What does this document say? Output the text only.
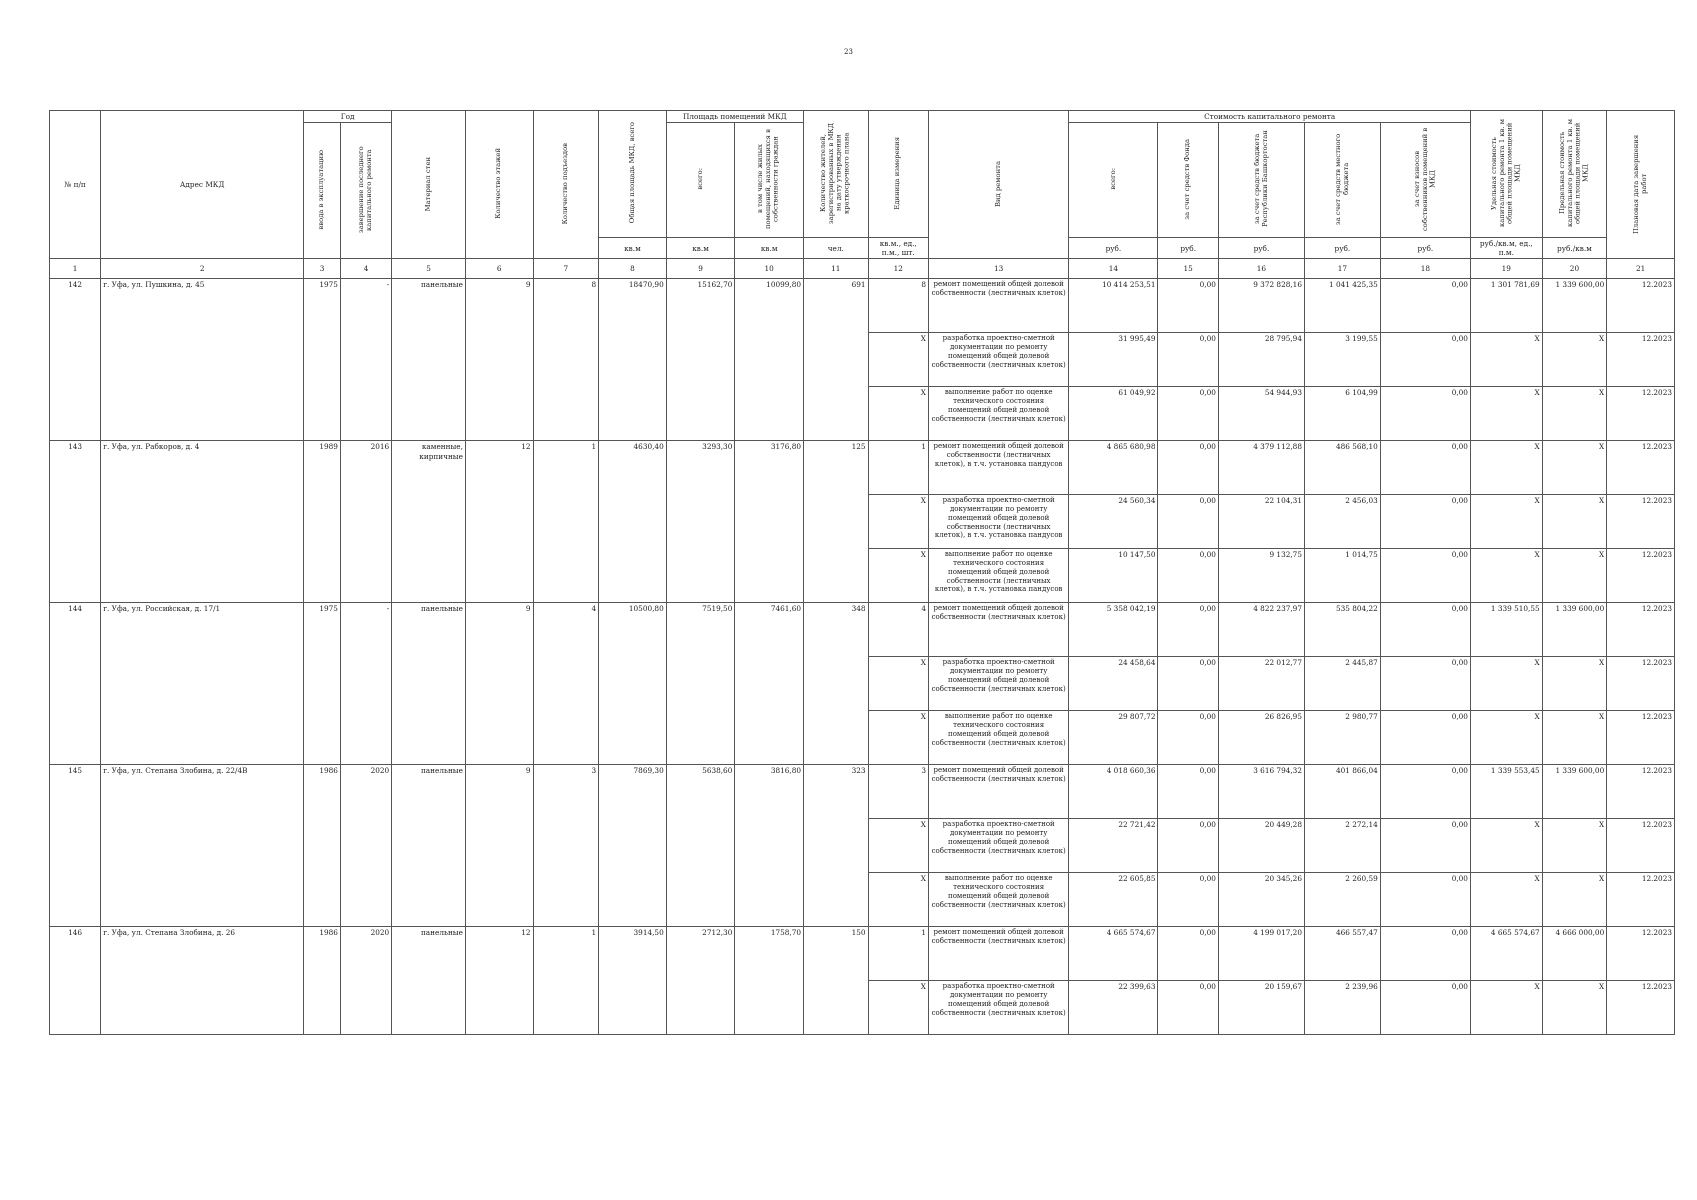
23
№ п/п	Адрес МКД	Год		Материал стен	Количество этажей	Количество подъездов	Общая площадь МКД, всего	Площадь помещений МКД		Количество жителей, зарегистрированных в МКД на дату утверждения краткосрочного плана	Единица измерения	Вид ремонта	Стоимость капитального ремонта					Удельная стоимость капитального ремонта 1 кв. м общей площади помещений МКД	Предельная стоимость капитального ремонта 1 кв. м общей площади помещений МКД	Плановая дата завершения работ
		ввода в эксплуатацию	завершение последнего капитального ремонта					всего:	в том числе жилых помещений, находящихся в собственности граждан				всего:	за счет средств Фонда	за счет средств бюджета Республики Башкортостан	за счет средств местного бюджета	за счет взносов собственников помещений в МКД			
							кв.м	кв.м	кв.м	чел.	кв.м., ед., п.м., шт.		руб.	руб.	руб.	руб.	руб.	руб./кв.м, ед., п.м.	руб./кв.м	
1	2	3	4	5	6	7	8	9	10	11	12	13	14	15	16	17	18	19	20	21
142	г. Уфа, ул. Пушкина, д. 45	1975	-	панельные	9	8	18470,90	15162,70	10099,80	691	8	ремонт помещений общей долевой собственности (лестничных клеток)	10 414 253,51	0,00	9 372 828,16	1 041 425,35	0,00	1 301 781,69	1 339 600,00	12.2023
											X	разработка проектно-сметной документации по ремонту помещений общей долевой собственности (лестничных клеток)	31 995,49	0,00	28 795,94	3 199,55	0,00	X	X	12.2023
											X	выполнение работ по оценке технического состояния помещений общей долевой собственности (лестничных клеток)	61 049,92	0,00	54 944,93	6 104,99	0,00	X	X	12.2023
143	г. Уфа, ул. Рабкоров, д. 4	1989	2016	каменные, кирпичные	12	1	4630,40	3293,30	3176,80	125	1	ремонт помещений общей долевой собственности (лестничных клеток), в т.ч. установка пандусов	4 865 680,98	0,00	4 379 112,88	486 568,10	0,00	X	X	12.2023
											X	разработка проектно-сметной документации по ремонту помещений общей долевой собственности (лестничных клеток), в т.ч. установка пандусов	24 560,34	0,00	22 104,31	2 456,03	0,00	X	X	12.2023
											X	выполнение работ по оценке технического состояния помещений общей долевой собственности (лестничных клеток), в т.ч. установка пандусов	10 147,50	0,00	9 132,75	1 014,75	0,00	X	X	12.2023
144	г. Уфа, ул. Российская, д. 17/1	1975	-	панельные	9	4	10500,80	7519,50	7461,60	348	4	ремонт помещений общей долевой собственности (лестничных клеток)	5 358 042,19	0,00	4 822 237,97	535 804,22	0,00	1 339 510,55	1 339 600,00	12.2023
											X	разработка проектно-сметной документации по ремонту помещений общей долевой собственности (лестничных клеток)	24 458,64	0,00	22 012,77	2 445,87	0,00	X	X	12.2023
											X	выполнение работ по оценке технического состояния помещений общей долевой собственности (лестничных клеток)	29 807,72	0,00	26 826,95	2 980,77	0,00	X	X	12.2023
145	г. Уфа, ул. Степана Злобина, д. 22/4В	1986	2020	панельные	9	3	7869,30	5638,60	3816,80	323	3	ремонт помещений общей долевой собственности (лестничных клеток)	4 018 660,36	0,00	3 616 794,32	401 866,04	0,00	1 339 553,45	1 339 600,00	12.2023
											X	разработка проектно-сметной документации по ремонту помещений общей долевой собственности (лестничных клеток)	22 721,42	0,00	20 449,28	2 272,14	0,00	X	X	12.2023
											X	выполнение работ по оценке технического состояния помещений общей долевой собственности (лестничных клеток)	22 605,85	0,00	20 345,26	2 260,59	0,00	X	X	12.2023
146	г. Уфа, ул. Степана Злобина, д. 26	1986	2020	панельные	12	1	3914,50	2712,30	1758,70	150	1	ремонт помещений общей долевой собственности (лестничных клеток)	4 665 574,67	0,00	4 199 017,20	466 557,47	0,00	4 665 574,67	4 666 000,00	12.2023
											X	разработка проектно-сметной документации по ремонту помещений общей долевой собственности (лестничных клеток)	22 399,63	0,00	20 159,67	2 239,96	0,00	X	X	12.2023
